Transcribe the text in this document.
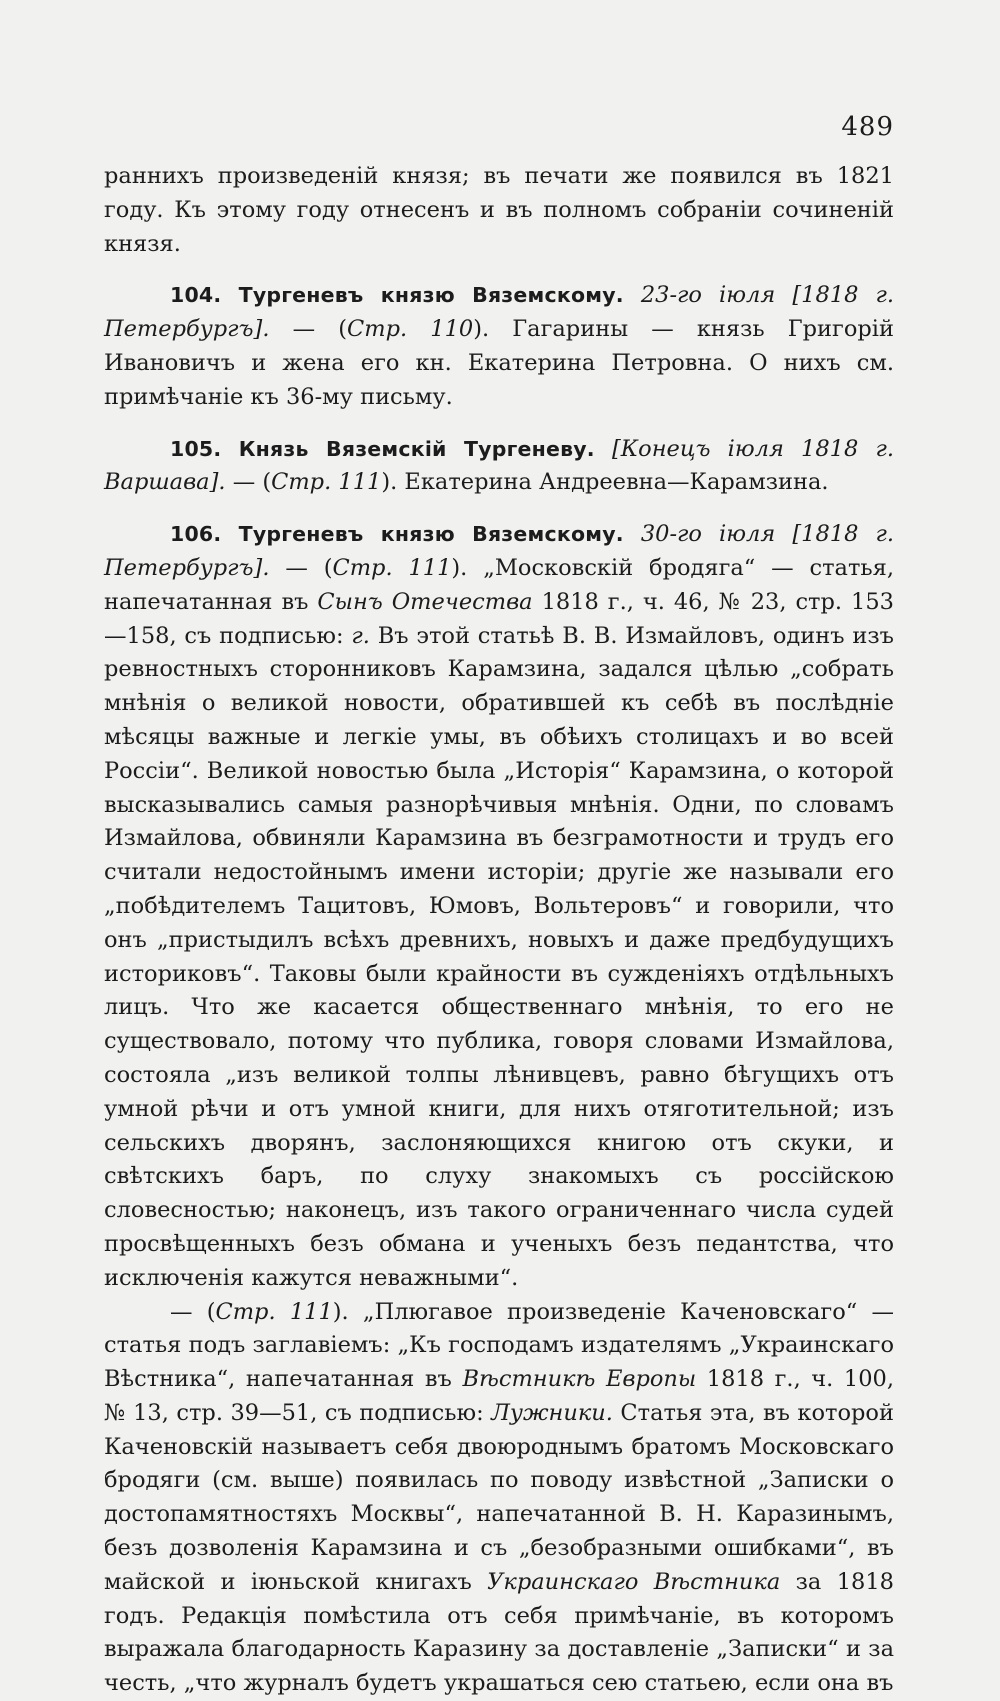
489

раннихъ произведеній князя; въ печати же появился въ 1821 году. Къ этому году отнесенъ и въ полномъ собраніи сочиненій князя.

104. Тургеневъ князю Вяземскому. 23-го іюля [1818 г. Петербургъ]. — (Стр. 110). Гагарины — князь Григорій Ивановичъ и жена его кн. Екатерина Петровна. О нихъ см. примѣчаніе къ 36-му письму.

105. Князь Вяземскій Тургеневу. [Конецъ іюля 1818 г. Варшава]. — (Стр. 111). Екатерина Андреевна—Карамзина.

106. Тургеневъ князю Вяземскому. 30-го іюля [1818 г. Петербургъ]. — (Стр. 111). „Московскій бродяга“ — статья, напечатанная въ Сынъ Отечества 1818 г., ч. 46, № 23, стр. 153—158, съ подписью: г. Въ этой статьѣ В. В. Измайловъ, одинъ изъ ревностныхъ сторонниковъ Карамзина, задался цѣлью „собрать мнѣнія о великой новости, обратившей къ себѣ въ послѣдніе мѣсяцы важные и легкіе умы, въ обѣихъ столицахъ и во всей Россіи“. Великой новостью была „Исторія“ Карамзина, о которой высказывались самыя разнорѣчивыя мнѣнія. Одни, по словамъ Измайлова, обвиняли Карамзина въ безграмотности и трудъ его считали недостойнымъ имени исторіи; другіе же называли его „побѣдителемъ Тацитовъ, Юмовъ, Вольтеровъ“ и говорили, что онъ „пристыдилъ всѣхъ древнихъ, новыхъ и даже предбудущихъ историковъ“. Таковы были крайности въ сужденіяхъ отдѣльныхъ лицъ. Что же касается общественнаго мнѣнія, то его не существовало, потому что публика, говоря словами Измайлова, состояла „изъ великой толпы лѣнивцевъ, равно бѣгущихъ отъ умной рѣчи и отъ умной книги, для нихъ отяготительной; изъ сельскихъ дворянъ, заслоняющихся книгою отъ скуки, и свѣтскихъ баръ, по слуху знакомыхъ съ россійскою словесностью; наконецъ, изъ такого ограниченнаго числа судей просвѣщенныхъ безъ обмана и ученыхъ безъ педантства, что исключенія кажутся неважными“.

— (Стр. 111). „Плюгавое произведеніе Каченовскаго“ — статья подъ заглавіемъ: „Къ господамъ издателямъ „Украинскаго Вѣстника“, напечатанная въ Вѣстникѣ Европы 1818 г., ч. 100, № 13, стр. 39—51, съ подписью: Лужники. Статья эта, въ которой Каченовскій называетъ себя двоюроднымъ братомъ Московскаго бродяги (см. выше) появилась по поводу извѣстной „Записки о достопамятностяхъ Москвы“, напечатанной В. Н. Каразинымъ, безъ дозволенія Карамзина и съ „безобразными ошибками“, въ майской и іюньской книгахъ Украинскаго Вѣстника за 1818 годъ. Редакція помѣстила отъ себя примѣчаніе, въ которомъ выражала благодарность Каразину за доставленіе „Записки“ и за честь, „что журналъ будетъ украшаться сею статьею, если она въ
